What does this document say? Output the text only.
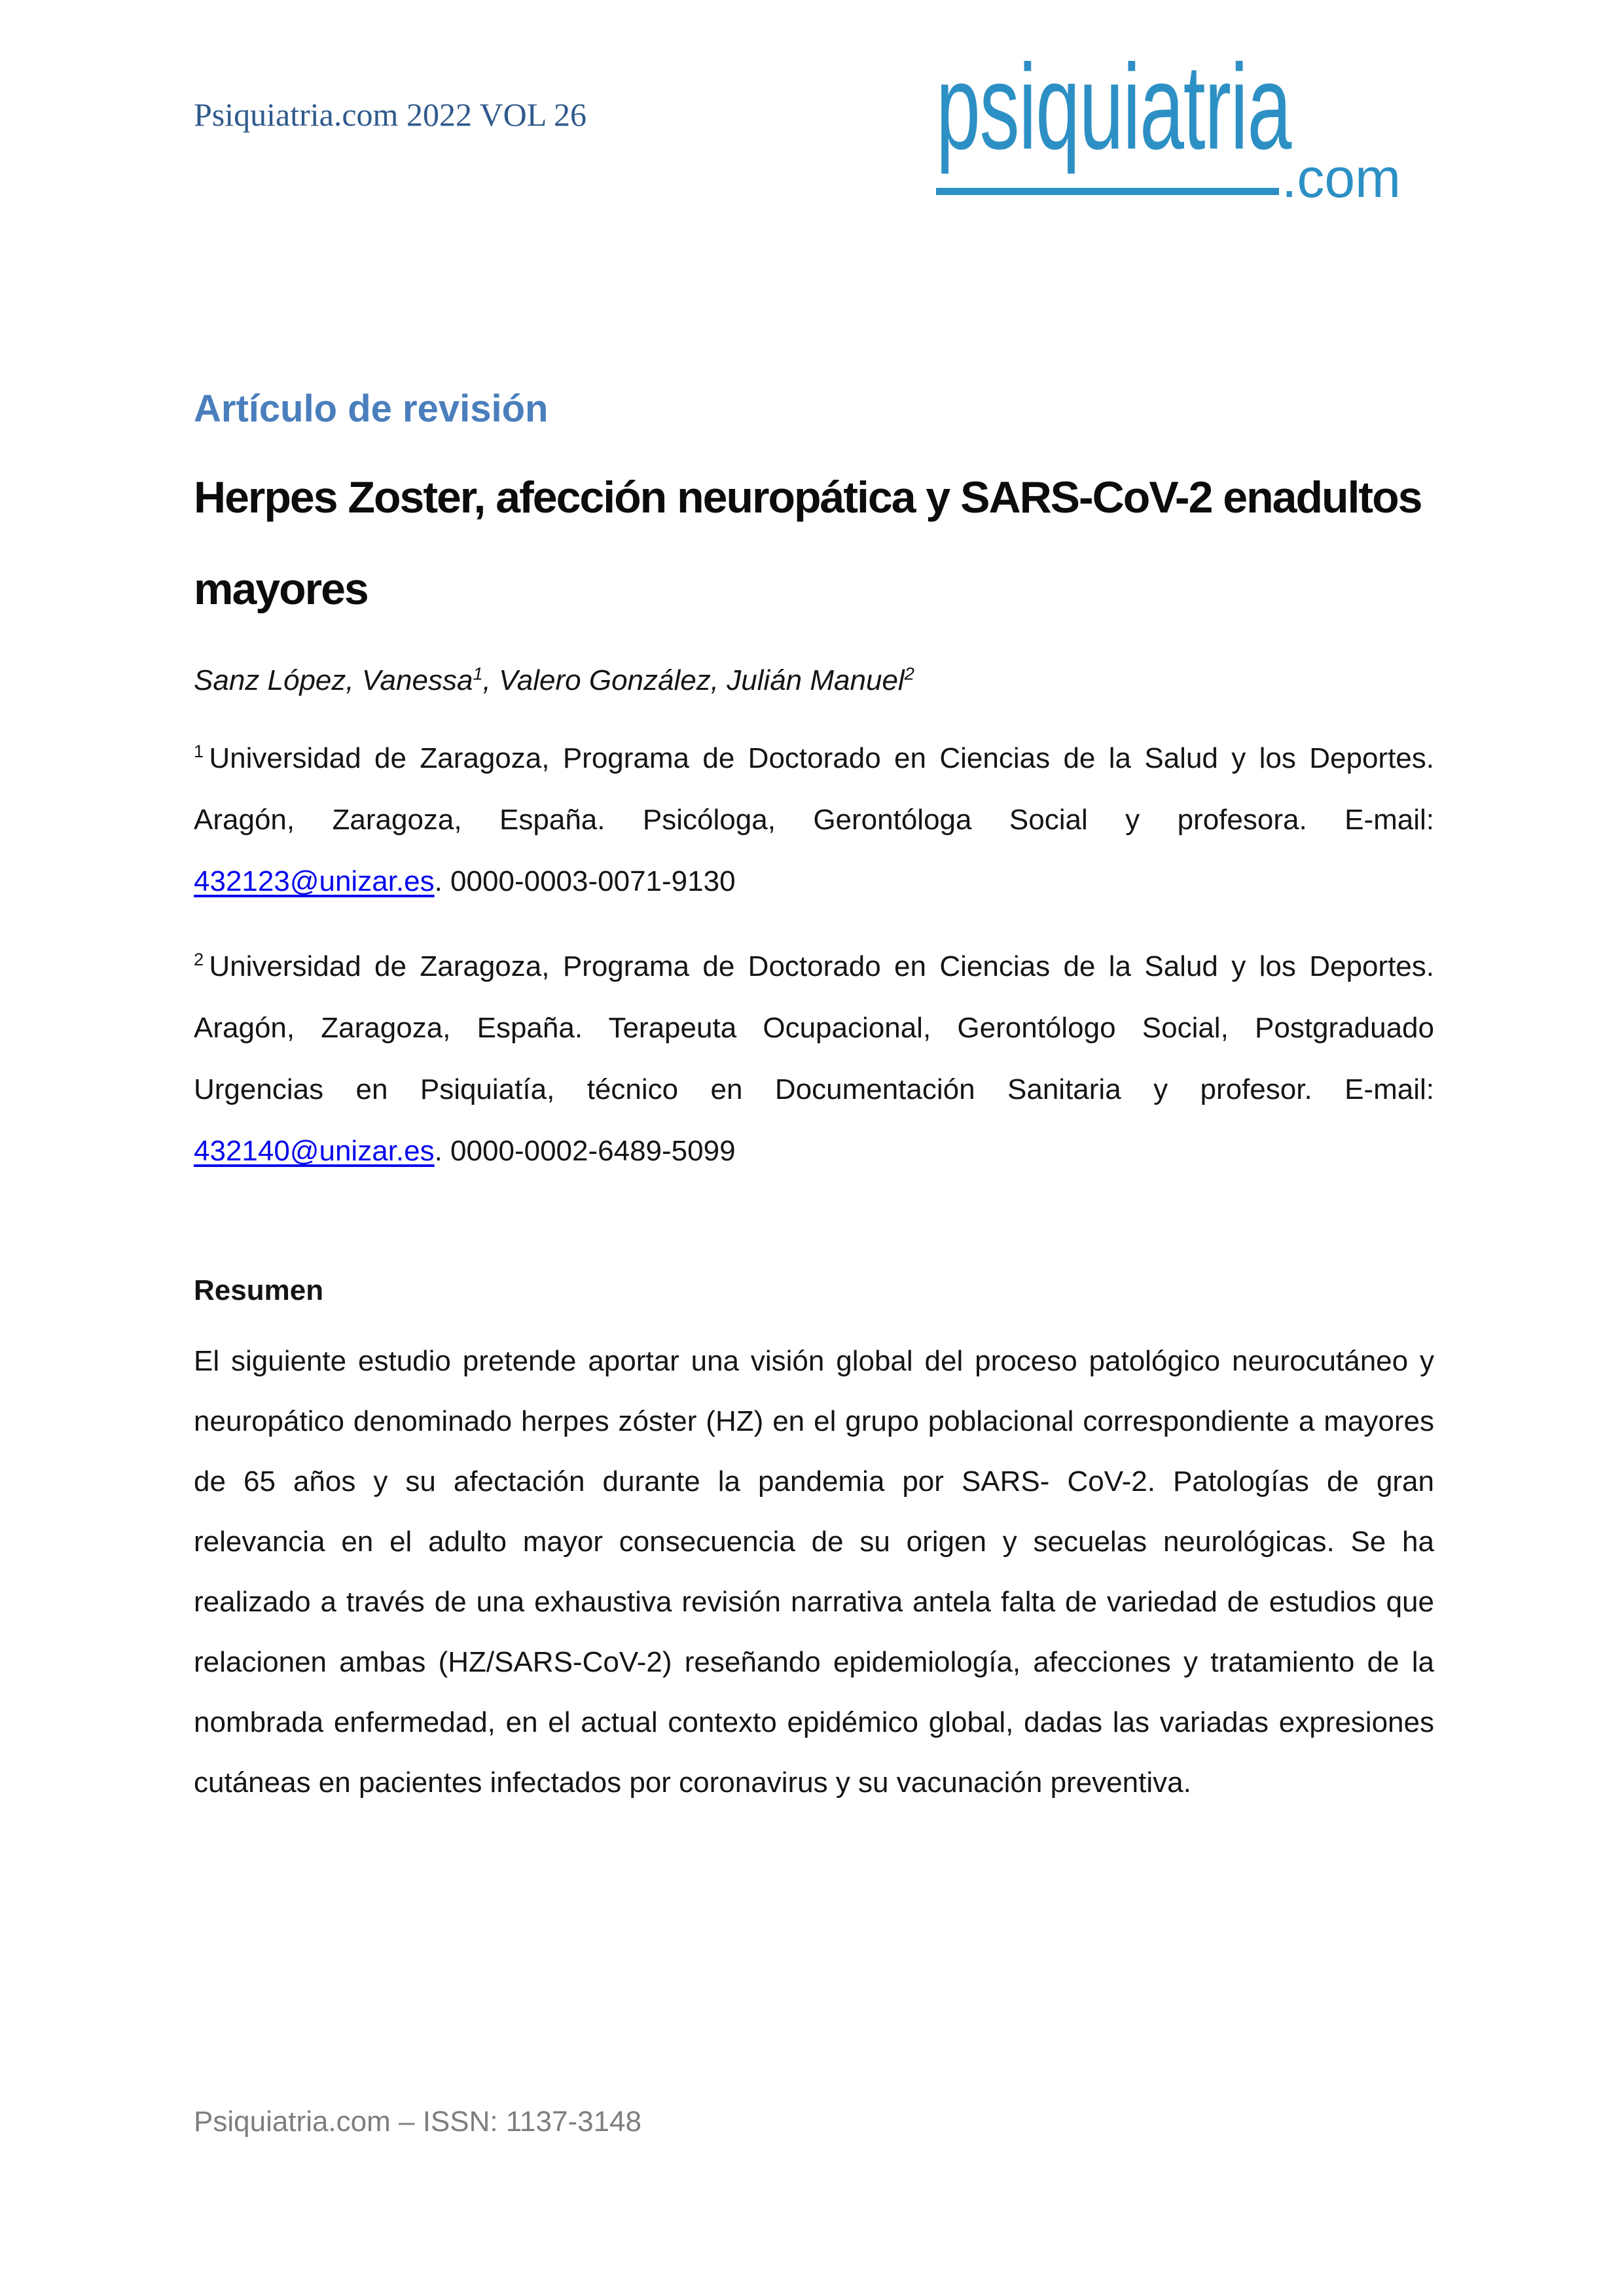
Psiquiatria.com 2022 VOL 26	psiquiatria
.com
Artículo de revisión
Herpes Zoster, afección neuropática y SARS-CoV-2 enadultos
mayores

Sanz López, Vanessa$^1$, Valero González, Julián Manuel$^2$

$^1$ Universidad de Zaragoza, Programa de Doctorado en Ciencias de la Salud y los Deportes. Aragón, Zaragoza, España. Psicóloga, Gerontóloga Social y profesora. E-mail: 432123@unizar.es. 0000-0003-0071-9130

$^2$ Universidad de Zaragoza, Programa de Doctorado en Ciencias de la Salud y los Deportes. Aragón, Zaragoza, España. Terapeuta Ocupacional, Gerontólogo Social, Postgraduado Urgencias en Psiquiatía, técnico en Documentación Sanitaria y profesor. E-mail: 432140@unizar.es. 0000-0002-6489-5099

Resumen

El siguiente estudio pretende aportar una visión global del proceso patológico neurocutáneo y neuropático denominado herpes zóster (HZ) en el grupo poblacional correspondiente a mayores de 65 años y su afectación durante la pandemia por SARS- CoV-2. Patologías de gran relevancia en el adulto mayor consecuencia de su origen y secuelas neurológicas. Se ha realizado a través de una exhaustiva revisión narrativa antela falta de variedad de estudios que relacionen ambas (HZ/SARS-CoV-2) reseñando epidemiología, afecciones y tratamiento de la nombrada enfermedad, en el actual contexto epidémico global, dadas las variadas expresiones cutáneas en pacientes infectados por coronavirus y su vacunación preventiva.

Psiquiatria.com – ISSN: 1137-3148
